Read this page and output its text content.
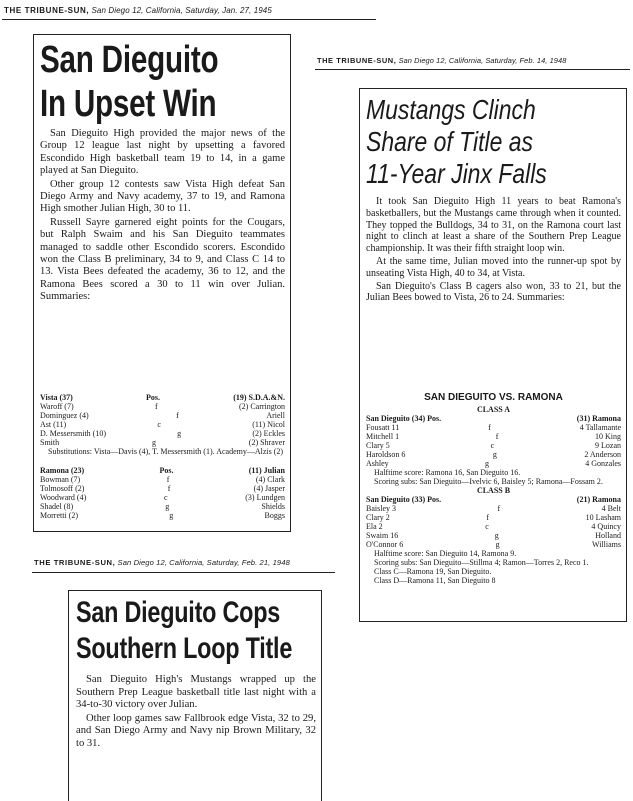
THE TRIBUNE-SUN, San Diego 12, California, Saturday, Jan. 27, 1945
San Dieguito
In Upset Win

San Dieguito High provided the major news of the Group 12 league last night by upsetting a favored Escondido High basketball team 19 to 14, in a game played at San Dieguito.

Other group 12 contests saw Vista High defeat San Diego Army and Navy academy, 37 to 19, and Ramona High smother Julian High, 30 to 11.

Russell Sayre garnered eight points for the Cougars, but Ralph Swaim and his San Dieguito teammates managed to saddle other Escondido scorers. Escondido won the Class B preliminary, 34 to 9, and Class C 14 to 13. Vista Bees defeated the academy, 36 to 12, and the Ramona Bees scored a 30 to 11 win over Julian. Summaries:

Vista (37)	Pos.	(19) S.D.A.&N.
Waroff (7)	f	(2) Carrington
Dominguez (4)	f	Ariell
Ast (11)	c	(11) Nicol
D. Messersmith (10)	g	(2) Eckles
Smith	g	(2) Shraver
Substitutions: Vista—Davis (4), T. Messersmith (1). Academy—Alzis (2)
Ramona (23)	Pos.	(11) Julian
Bowman (7)	f	(4) Clark
Tolmosoff (2)	f	(4) Jasper
Woodward (4)	c	(3) Lundgen
Shadel (8)	g	Shields
Morretti (2)	g	Boggs
THE TRIBUNE-SUN, San Diego 12, California, Saturday, Feb. 14, 1948
Mustangs Clinch
Share of Title as
11-Year Jinx Falls

It took San Dieguito High 11 years to beat Ramona's basketballers, but the Mustangs came through when it counted. They topped the Bulldogs, 34 to 31, on the Ramona court last night to clinch at least a share of the Southern Prep League championship. It was their fifth straight loop win.

At the same time, Julian moved into the runner-up spot by unseating Vista High, 40 to 34, at Vista.

San Dieguito's Class B cagers also won, 33 to 21, but the Julian Bees bowed to Vista, 26 to 24. Summaries:

SAN DIEGUITO VS. RAMONA
CLASS A
San Dieguito (34) Pos.	(31) Ramona
Fousatt 11	f	4 Tallamante
Mitchell 1	f	10 King
Clary 5	c	9 Lozan
Haroldson 6	g	2 Anderson
Ashley	g	4 Gonzales
Halftime score: Ramona 16, San Dieguito 16.
Scoring subs: San Dieguito—Ivelvic 6, Baisley 5; Ramona—Fossam 2.
CLASS B
San Dieguito (33) Pos.	(21) Ramona
Baisley 3	f	4 Belt
Clary 2	f	10 Lasham
Ela 2	c	4 Quincy
Swaim 16	g	Holland
O'Connor 6	g	Williams
Halftime score: San Dieguito 14, Ramona 9.
Scoring subs: San Dieguito—Stillma 4; Ramon—Torres 2, Reco 1.
Class C—Ramona 19, San Dieguito.
Class D—Ramona 11, San Dieguito 8
THE TRIBUNE-SUN, San Diego 12, California, Saturday, Feb. 21, 1948
San Dieguito Cops
Southern Loop Title

San Dieguito High's Mustangs wrapped up the Southern Prep League basketball title last night with a 34-to-30 victory over Julian.

Other loop games saw Fallbrook edge Vista, 32 to 29, and San Diego Army and Navy nip Brown Military, 32 to 31.
